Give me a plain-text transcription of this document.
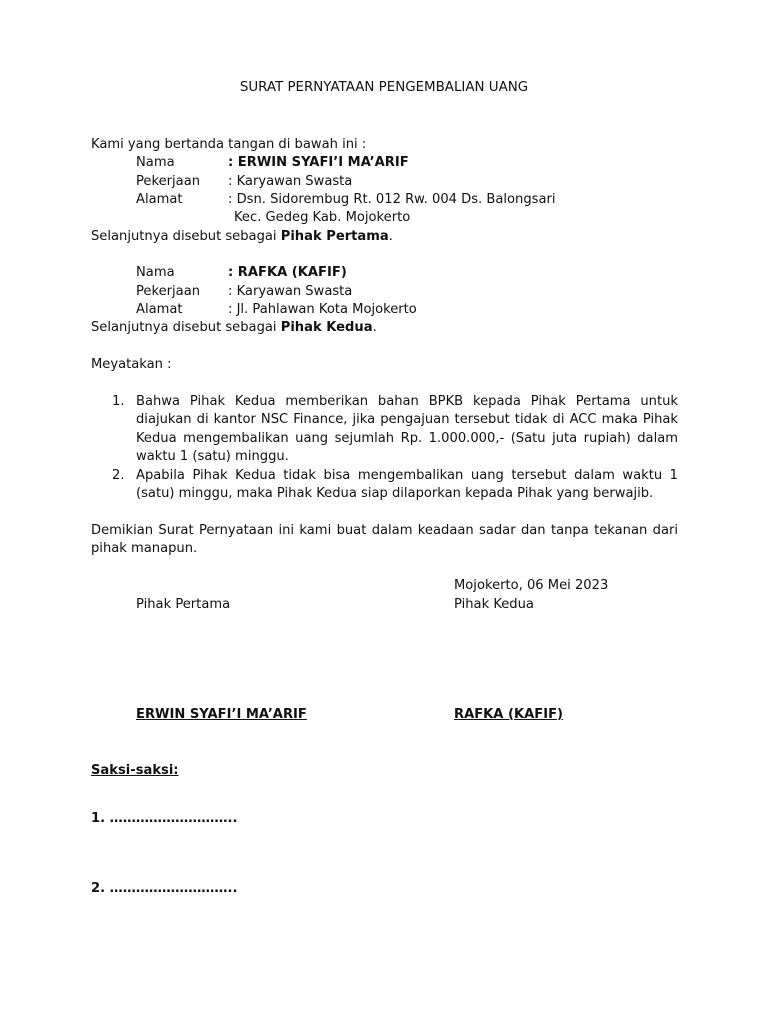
SURAT PERNYATAAN PENGEMBALIAN UANG
Kami yang bertanda tangan di bawah ini :
Nama	: ERWIN SYAFI’I MA’ARIF
Pekerjaan : Karyawan Swasta
Alamat	: Dsn. Sidorembug Rt. 012 Rw. 004 Ds. Balongsari
Kec. Gedeg Kab. Mojokerto
Selanjutnya disebut sebagai Pihak Pertama.
Nama	: RAFKA (KAFIF)
Pekerjaan : Karyawan Swasta
Alamat	: Jl. Pahlawan Kota Mojokerto
Selanjutnya disebut sebagai Pihak Kedua.
Meyatakan :
1. Bahwa Pihak Kedua memberikan bahan BPKB kepada Pihak Pertama untuk diajukan di kantor NSC Finance, jika pengajuan tersebut tidak di ACC maka Pihak Kedua mengembalikan uang sejumlah Rp. 1.000.000,- (Satu juta rupiah) dalam waktu 1 (satu) minggu.
2. Apabila Pihak Kedua tidak bisa mengembalikan uang tersebut dalam waktu 1 (satu) minggu, maka Pihak Kedua siap dilaporkan kepada Pihak yang berwajib.
Demikian Surat Pernyataan ini kami buat dalam keadaan sadar dan tanpa tekanan dari pihak manapun.
Mojokerto, 06 Mei 2023
Pihak Pertama	Pihak Kedua
ERWIN SYAFI’I MA’ARIF	RAFKA (KAFIF)
Saksi-saksi:
1. ………………………..
2. ………………………..
